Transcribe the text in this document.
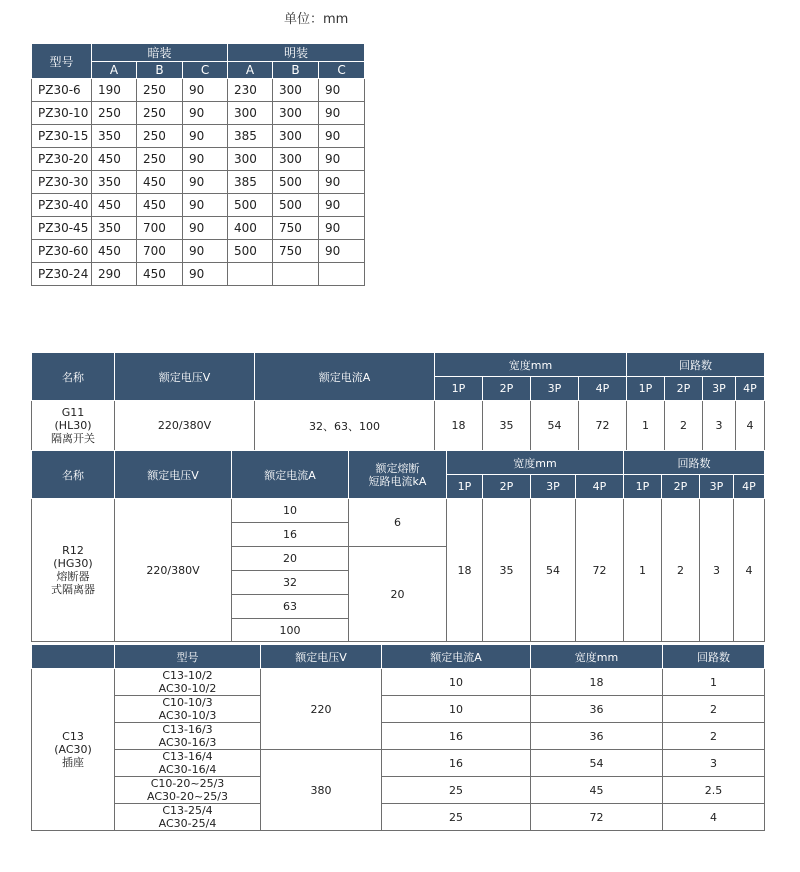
单位：mm
型号	暗装			明装		
	A	B	C	A	B	C
PZ30-6	190	250	90	230	300	90
PZ30-10	250	250	90	300	300	90
PZ30-15	350	250	90	385	300	90
PZ30-20	450	250	90	300	300	90
PZ30-30	350	450	90	385	500	90
PZ30-40	450	450	90	500	500	90
PZ30-45	350	700	90	400	750	90
PZ30-60	450	700	90	500	750	90
PZ30-24	290	450	90			
名称	额定电压V	额定电流A	宽度mm				回路数			
			1P	2P	3P	4P	1P	2P	3P	4P
G11
(HL30)
隔离开关	220/380V	32、63、100	18	35	54	72	1	2	3	4
名称	额定电压V	额定电流A	额定熔断
短路电流kA	宽度mm				回路数			
				1P	2P	3P	4P	1P	2P	3P	4P
R12
(HG30)
熔断器
式隔离器	220/380V	10	6	18	35	54	72	1	2	3	4
		16									
		20	20								
		32									
		63									
		100									
	型号	额定电压V	额定电流A	宽度mm	回路数
C13
(AC30)
插座	C13-10/2
AC30-10/2	220	10	18	1
	C10-10/3
AC30-10/3		10	36	2
	C13-16/3
AC30-16/3		16	36	2
	C13-16/4
AC30-16/4	380	16	54	3
	C10-20~25/3
AC30-20~25/3		25	45	2.5
	C13-25/4
AC30-25/4		25	72	4
